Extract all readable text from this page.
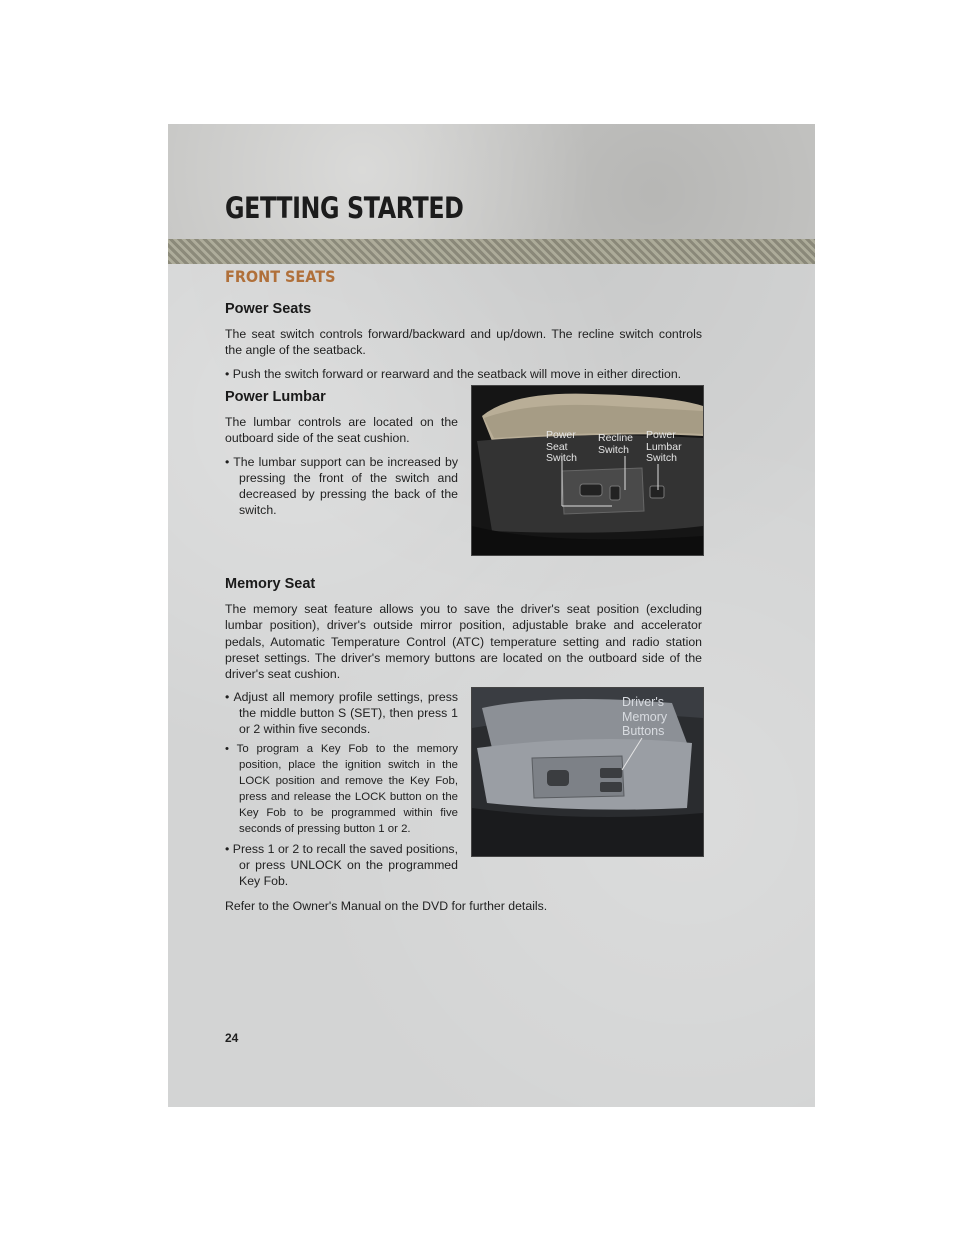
GETTING STARTED
FRONT SEATS
Power Seats

The seat switch controls forward/backward and up/down. The recline switch controls the angle of the seatback.

• Push the switch forward or rearward and the seatback will move in either direction.

Power Lumbar

The lumbar controls are located on the outboard side of the seat cushion.

• The lumbar support can be increased by pressing the front of the switch and decreased by pressing the back of the switch.

Power Seat Switch

Recline Switch

Power Lumbar Switch

Memory Seat

The memory seat feature allows you to save the driver's seat position (excluding lumbar position), driver's outside mirror position, adjustable brake and accelerator pedals, Automatic Temperature Control (ATC) temperature setting and radio station preset settings. The driver's memory buttons are located on the outboard side of the driver's seat cushion.

• Adjust all memory profile settings, press the middle button S (SET), then press 1 or 2 within five seconds.

• To program a Key Fob to the memory position, place the ignition switch in the LOCK position and remove the Key Fob, press and release the LOCK button on the Key Fob to be programmed within five seconds of pressing button 1 or 2.

• Press 1 or 2 to recall the saved positions, or press UNLOCK on the programmed Key Fob.

Driver's Memory Buttons

Refer to the Owner's Manual on the DVD for further details.

24
